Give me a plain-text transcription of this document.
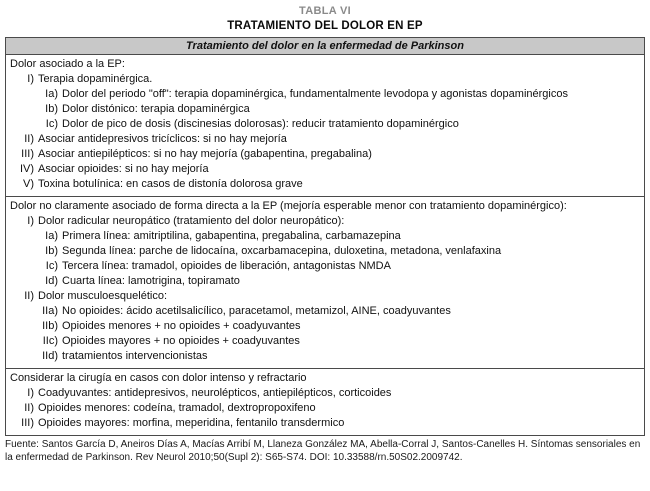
TABLA VI
TRATAMIENTO DEL DOLOR EN EP
Tratamiento del dolor en la enfermedad de Parkinson
Dolor asociado a la EP:
I) Terapia dopaminérgica.
Ia) Dolor del periodo "off": terapia dopaminérgica, fundamentalmente levodopa y agonistas dopaminérgicos
Ib) Dolor distónico: terapia dopaminérgica
Ic) Dolor de pico de dosis (discinesias dolorosas): reducir tratamiento dopaminérgico
II) Asociar antidepresivos tricíclicos: si no hay mejoría
III) Asociar antiepilépticos: si no hay mejoría (gabapentina, pregabalina)
IV) Asociar opioides: si no hay mejoría
V) Toxina botulínica: en casos de distonía dolorosa grave
Dolor no claramente asociado de forma directa a la EP (mejoría esperable menor con tratamiento dopaminérgico):
I) Dolor radicular neuropático (tratamiento del dolor neuropático):
Ia) Primera línea: amitriptilina, gabapentina, pregabalina, carbamazepina
Ib) Segunda línea: parche de lidocaína, oxcarbamacepina, duloxetina, metadona, venlafaxina
Ic) Tercera línea: tramadol, opioides de liberación, antagonistas NMDA
Id) Cuarta línea: lamotrigina, topiramato
II) Dolor musculoesquelético:
IIa) No opioides: ácido acetilsalicílico, paracetamol, metamizol, AINE, coadyuvantes
IIb) Opioides menores + no opioides + coadyuvantes
IIc) Opioides mayores + no opioides + coadyuvantes
IId) tratamientos intervencionistas
Considerar la cirugía en casos con dolor intenso y refractario
I) Coadyuvantes: antidepresivos, neurolépticos, antiepilépticos, corticoides
II) Opioides menores: codeína, tramadol, dextropropoxifeno
III) Opioides mayores: morfina, meperidina, fentanilo transdermico
Fuente: Santos García D, Aneiros Días A, Macías Arribí M, Llaneza González MA, Abella-Corral J, Santos-Canelles H. Síntomas sensoriales en la enfermedad de Parkinson. Rev Neurol 2010;50(Supl 2): S65-S74. DOI: 10.33588/rn.50S02.2009742.
